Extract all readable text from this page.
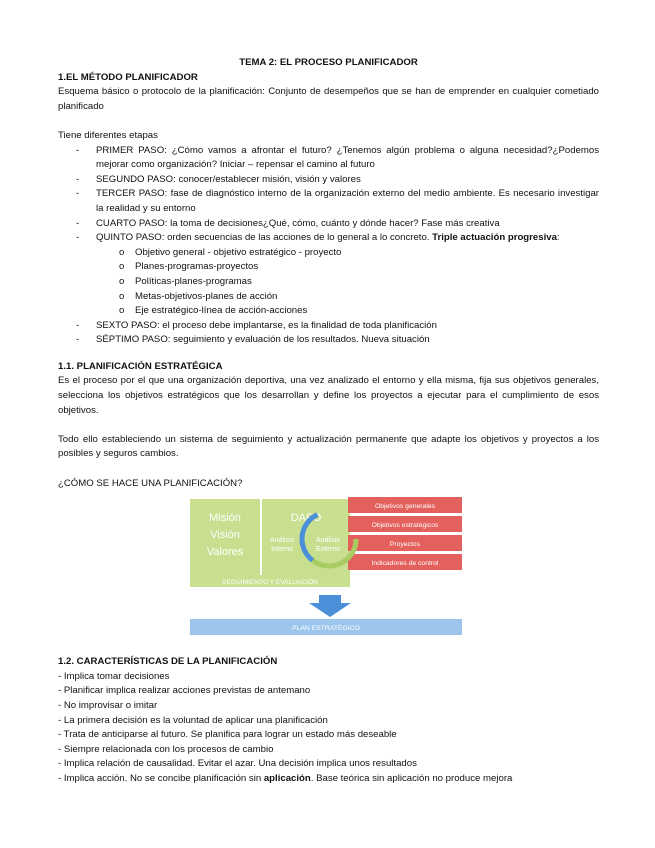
TEMA 2: EL PROCESO PLANIFICADOR
1.EL MÉTODO PLANIFICADOR
Esquema básico o protocolo de la planificación: Conjunto de desempeños que se han de emprender en cualquier cometiado planificado
Tiene diferentes etapas
- PRIMER PASO: ¿Cómo vamos a afrontar el futuro? ¿Tenemos algún problema o alguna necesidad?¿Podemos mejorar como organización? Iniciar – repensar el camino al futuro
- SEGUNDO PASO: conocer/establecer misión, visión y valores
- TERCER PASO: fase de diagnóstico interno de la organización externo del medio ambiente. Es necesario investigar la realidad y su entorno
- CUARTO PASO: la toma de decisiones¿Qué, cómo, cuánto y dónde hacer? Fase más creativa
- QUINTO PASO: orden secuencias de las acciones de lo general a lo concreto. Triple actuación progresiva:
o Objetivo general - objetivo estratégico - proyecto
o Planes-programas-proyectos
o Políticas-planes-programas
o Metas-objetivos-planes de acción
o Eje estratégico-línea de acción-acciones
- SEXTO PASO: el proceso debe implantarse, es la finalidad de toda planificación
- SÉPTIMO PASO: seguimiento y evaluación de los resultados. Nueva situación
1.1. PLANIFICACIÓN ESTRATÉGICA
Es el proceso por el que una organización deportiva, una vez analizado el entorno y ella misma, fija sus objetivos generales, selecciona los objetivos estratégicos que los desarrollan y define los proyectos a ejecutar para el cumplimiento de esos objetivos.
Todo ello estableciendo un sistema de seguimiento y actualización permanente que adapte los objetivos y proyectos a los posibles y seguros cambios.
¿CÓMO SE HACE UNA PLANIFICACIÓN?
Misión
Visión
Valores
DAFO
Análisis
Interno
Análisis
Externo
Objetivos generales
Objetivos estratégicos
Proyectos
Indicadores de control
SEGUIMIENTO Y EVALUACIÓN
PLAN ESTRATÉGICO
1.2. CARACTERÍSTICAS DE LA PLANIFICACIÓN
- Implica tomar decisiones
- Planificar implica realizar acciones previstas de antemano
- No improvisar o imitar
- La primera decisión es la voluntad de aplicar una planificación
- Trata de anticiparse al futuro. Se planifica para lograr un estado más deseable
- Siempre relacionada con los procesos de cambio
- Implica relación de causalidad. Evitar el azar. Una decisión implica unos resultados
- Implica acción. No se concibe planificación sin aplicación. Base teórica sin aplicación no produce mejora
